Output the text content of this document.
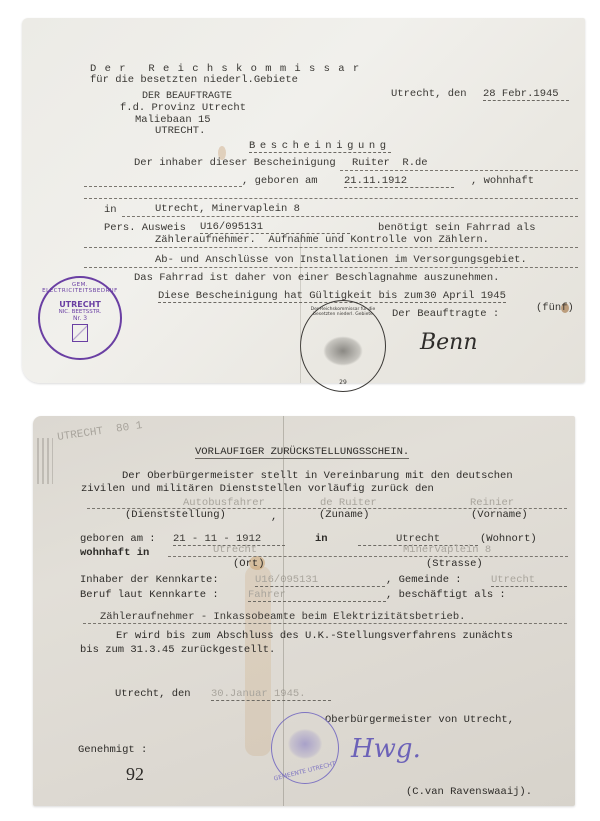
D e r   R e i c h s k o m m i s s a r
für die besetzten niederl.Gebiete
DER BEAUFTRAGTE
f.d. Provinz Utrecht
Maliebaan 15
UTRECHT.
Utrecht, den 28 Febr.1945
Bescheinigung
Der inhaber dieser Bescheinigung Ruiter  R.de
, geboren am	21.11.1912	, wohnhaft
in	Utrecht, Minervaplein 8
Pers. Ausweis U16/095131	benötigt sein Fahrrad als
Zähleraufnehmer.  Aufnahme und Kontrolle von Zählern.
Ab- und Anschlüsse von Installationen im Versorgungsgebiet.
Das Fahrrad ist daher von einer Beschlagnahme auszunehmen.
Diese Bescheinigung hat Gültigkeit bis zum 30 April 1945
(fünf)
Der Beauftragte :
Benn
GEM. ELECTRICITEITSBEDRIJF
UTRECHT
NIC. BEETSSTR.
Nr. 3
Der Reichskommissar für die besetzten niederl. Gebiete
29
UTRECHT  80 1
VORLAUFIGER ZURÜCKSTELLUNGSSCHEIN.
Der Oberbürgermeister stellt in Vereinbarung mit den deutschen
zivilen und militären Dienststellen vorläufig zurück den
Autobusfahrer	de Ruiter	Reinier
(Dienststellung)	,	(Zuname)	(Vorname)
geboren am : 21 - 11 - 1912	in	Utrecht	(Wohnort)
wohnhaft in	Utrecht	Minervaplein 8
(Ort)	(Strasse)
Inhaber der Kennkarte:	U16/095131	, Gemeinde :	Utrecht
Beruf laut Kennkarte :	Fahrer	, beschäftigt als :
Zähleraufnehmer - Inkassobeamte beim Elektrizitätsbetrieb.
Er wird bis zum Abschluss des U.K.-Stellungsverfahrens zunächts
bis zum 31.3.45 zurückgestellt.
Utrecht, den 30.Januar 1945.
Oberbürgermeister von Utrecht,
Genehmigt :
92	GEMEENTE UTRECHT
Hwg.
(C.van Ravenswaaij).
